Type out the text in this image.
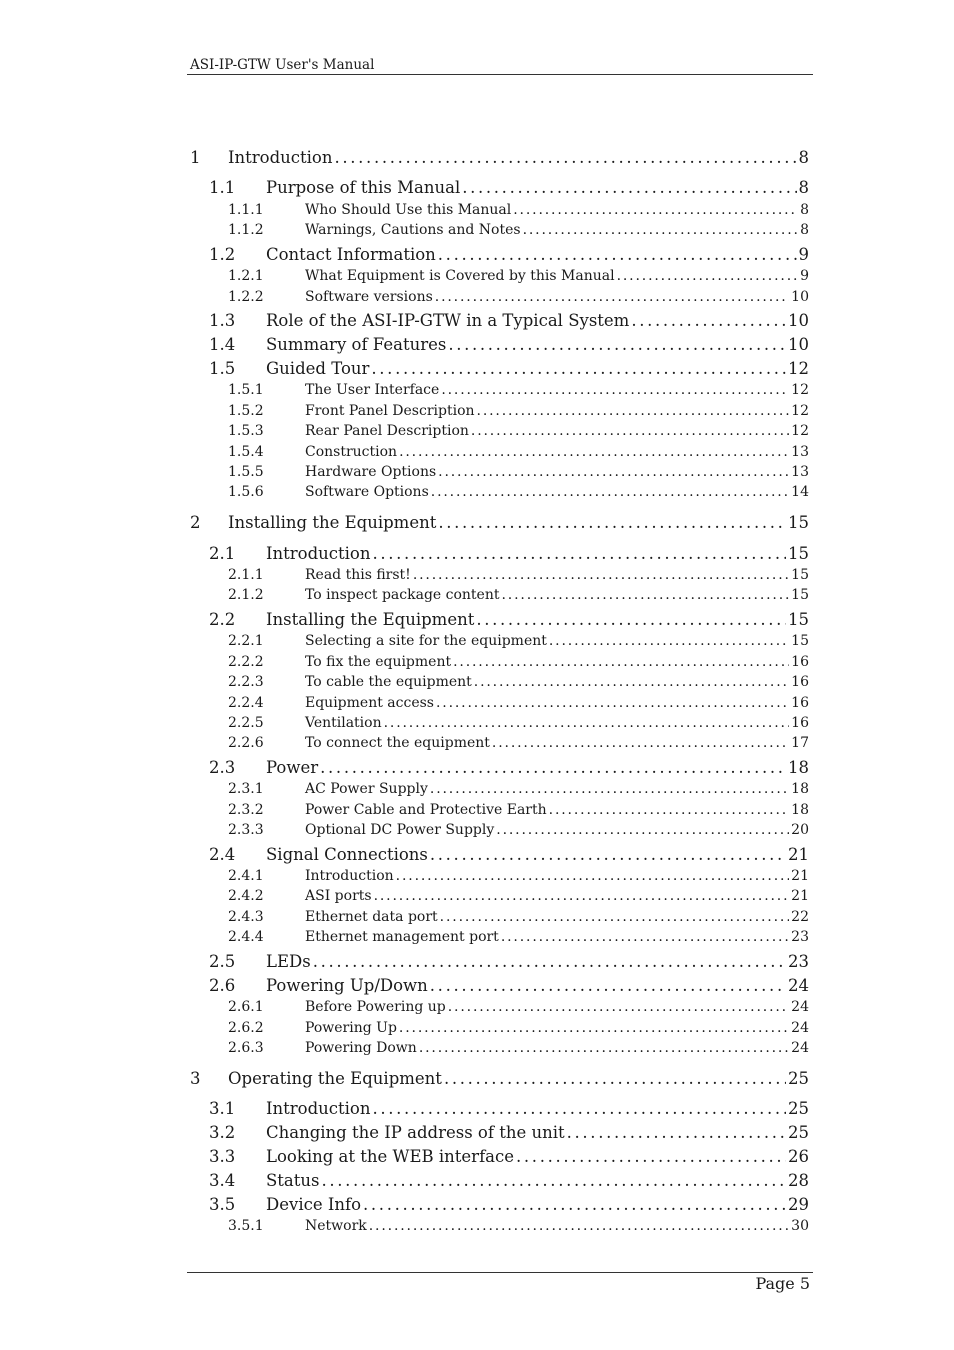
ASI-IP-GTW User's Manual
1	Introduction . . .	8
1.1	Purpose of this Manual . . .	8
1.1.1	Who Should Use this Manual . . .	8
1.1.2	Warnings, Cautions and Notes . . .	8
1.2	Contact Information . . .	9
1.2.1	What Equipment is Covered by this Manual . . .	9
1.2.2	Software versions . . .	10
1.3	Role of the ASI-IP-GTW in a Typical System . . .	10
1.4	Summary of Features . . .	10
1.5	Guided Tour . . .	12
1.5.1	The User Interface . . .	12
1.5.2	Front Panel Description . . .	12
1.5.3	Rear Panel Description . . .	12
1.5.4	Construction . . .	13
1.5.5	Hardware Options . . .	13
1.5.6	Software Options . . .	14
2	Installing the Equipment . . .	15
2.1	Introduction . . .	15
2.1.1	Read this first! . . .	15
2.1.2	To inspect package content . . .	15
2.2	Installing the Equipment . . .	15
2.2.1	Selecting a site for the equipment . . .	15
2.2.2	To fix the equipment . . .	16
2.2.3	To cable the equipment . . .	16
2.2.4	Equipment access . . .	16
2.2.5	Ventilation . . .	16
2.2.6	To connect the equipment . . .	17
2.3	Power . . .	18
2.3.1	AC Power Supply . . .	18
2.3.2	Power Cable and Protective Earth . . .	18
2.3.3	Optional DC Power Supply . . .	20
2.4	Signal Connections . . .	21
2.4.1	Introduction . . .	21
2.4.2	ASI ports . . .	21
2.4.3	Ethernet data port . . .	22
2.4.4	Ethernet management port . . .	23
2.5	LEDs . . .	23
2.6	Powering Up/Down . . .	24
2.6.1	Before Powering up . . .	24
2.6.2	Powering Up . . .	24
2.6.3	Powering Down . . .	24
3	Operating the Equipment . . .	25
3.1	Introduction . . .	25
3.2	Changing the IP address of the unit . . .	25
3.3	Looking at the WEB interface . . .	26
3.4	Status . . .	28
3.5	Device Info . . .	29
3.5.1	Network . . .	30
Page 5
